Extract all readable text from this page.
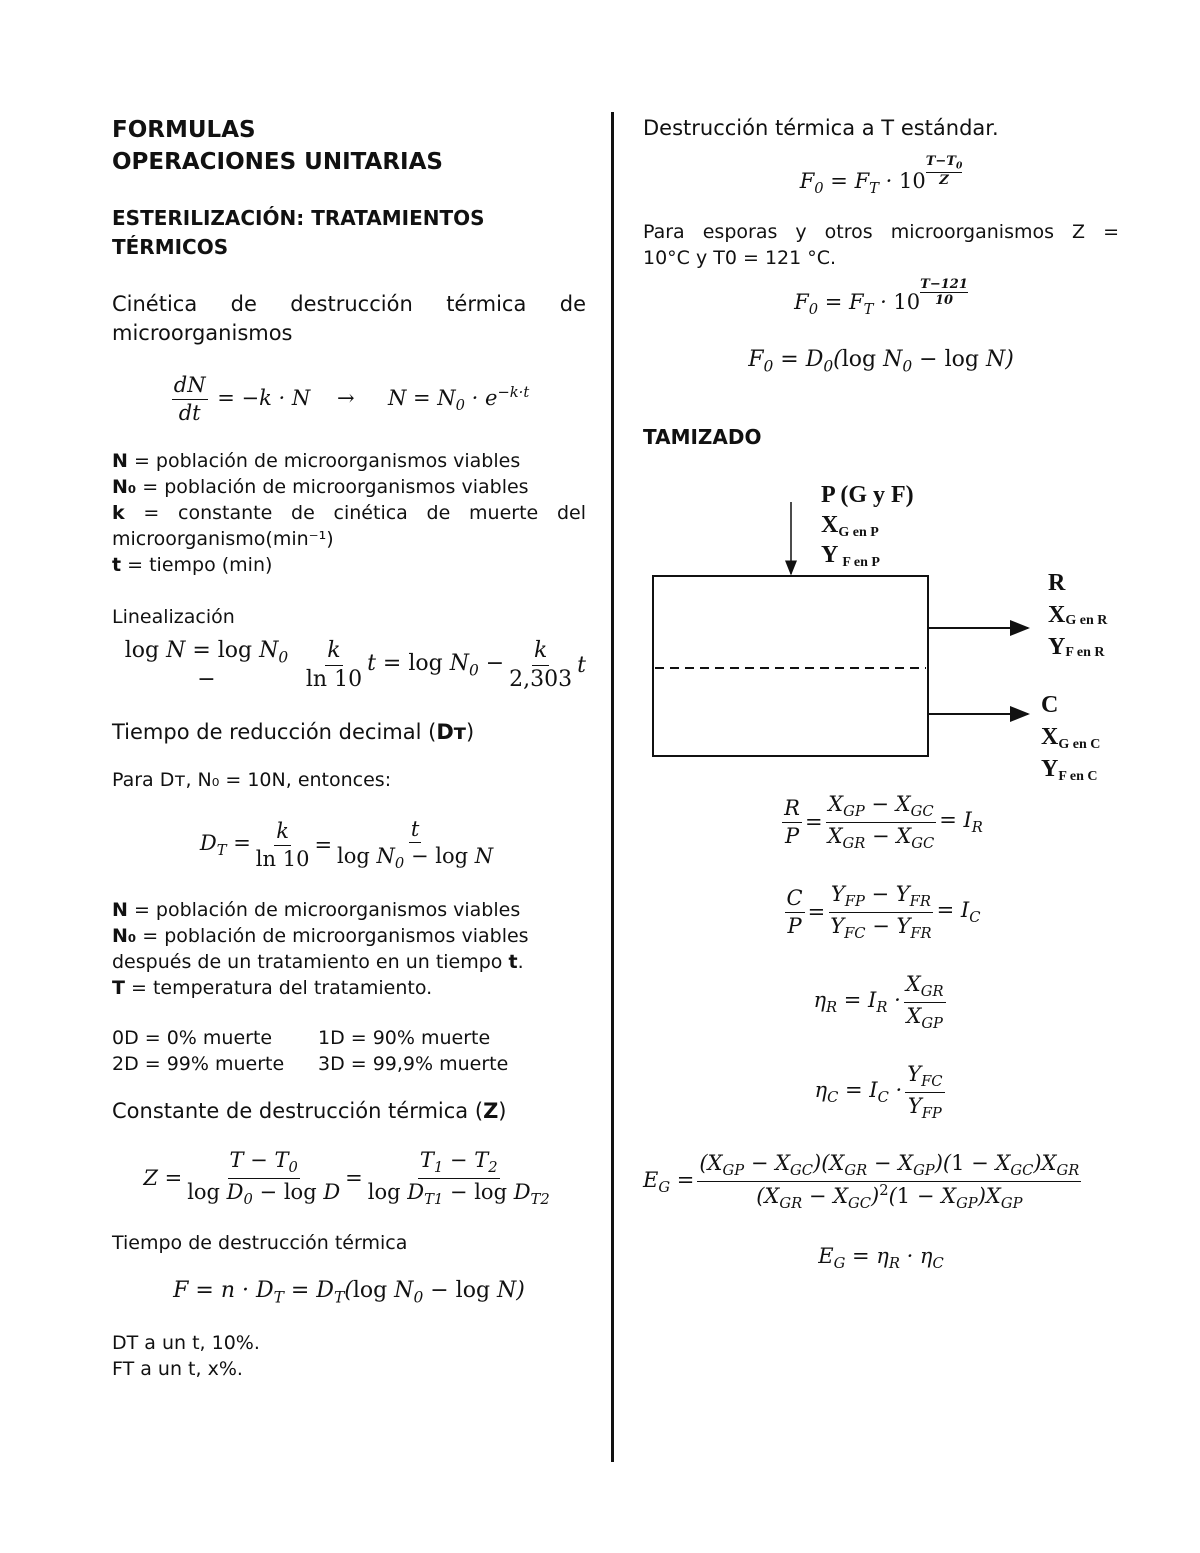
FORMULAS

OPERACIONES UNITARIAS

ESTERILIZACIÓN: TRATAMIENTOS

TÉRMICOS

Cinética de destrucción térmica de

microorganismos

$\frac{dN}{dt} = -k \cdot N$    →     $N = N_0 \cdot e^{-k\cdot t}$

N = población de microorganismos viables

N₀ = población de microorganismos viables

k = constante de cinética de muerte del

microorganismo(min⁻¹)

t = tiempo (min)

Linealización

$\log N = \log N_0$ −	$\frac{k}{\ln 10}$ $t = \log N_0 - \frac{k}{2,303}$ t

Tiempo de reducción decimal (Dᴛ)

Para Dᴛ, N₀ = 10N, entonces:

$D_T = \frac{k}{\ln 10} = \frac{t}{\log N_0 - \log N}$

N = población de microorganismos viables

N₀ = población de microorganismos viables

después de un tratamiento en un tiempo t.

T = temperatura del tratamiento.

0D = 0% muerte	1D = 90% muerte
2D = 99% muerte	3D = 99,9% muerte

Constante de destrucción térmica (Z)

$Z = \frac{T - T_0}{\log D_0 - \log D} = \frac{T_1 - T_2}{\log D_{T1} - \log D_{T2}}$

Tiempo de destrucción térmica

$F = n \cdot D_T = D_T(\log$ $N_0 - \log N$)

DT a un t, 10%.

FT a un t, x%.

Destrucción térmica a T estándar.

$F_0 = F_T \cdot 10 \frac{T-T_0}{Z}$

Para esporas y otros microorganismos Z =

10°C y T0 = 121 °C.

$F_0 = F_T \cdot 10 \frac{T-121}{10}$
$F_0 = D_0(\log$ $N_0 - \log N$)

TAMIZADO

P (G y F)
XG en P
Y F en P
R
XG en R
YF en R
C
XG en C
YF en C
$\frac{R}{P} = \frac{X_{GP} - X_{GC}}{X_{GR} - X_{GC}} = I_R$
$\frac{C}{P} = \frac{Y_{FP} - Y_{FR}}{Y_{FC} - Y_{FR}} = I_C$
$\eta_R = I_R \cdot \frac{X_{GR}}{X_{GP}}$
$\eta_C = I_C \cdot \frac{Y_{FC}}{Y_{FP}}$
$E_G = \frac{(X_{GP} - X_{GC})(X_{GR} - X_{GP})(1 - X_{GC})X_{GR}}{(X_{GR} - X_{GC})^2(1 - X_{GP})X_{GP}}$
$E_G = \eta_R \cdot \eta_C$
